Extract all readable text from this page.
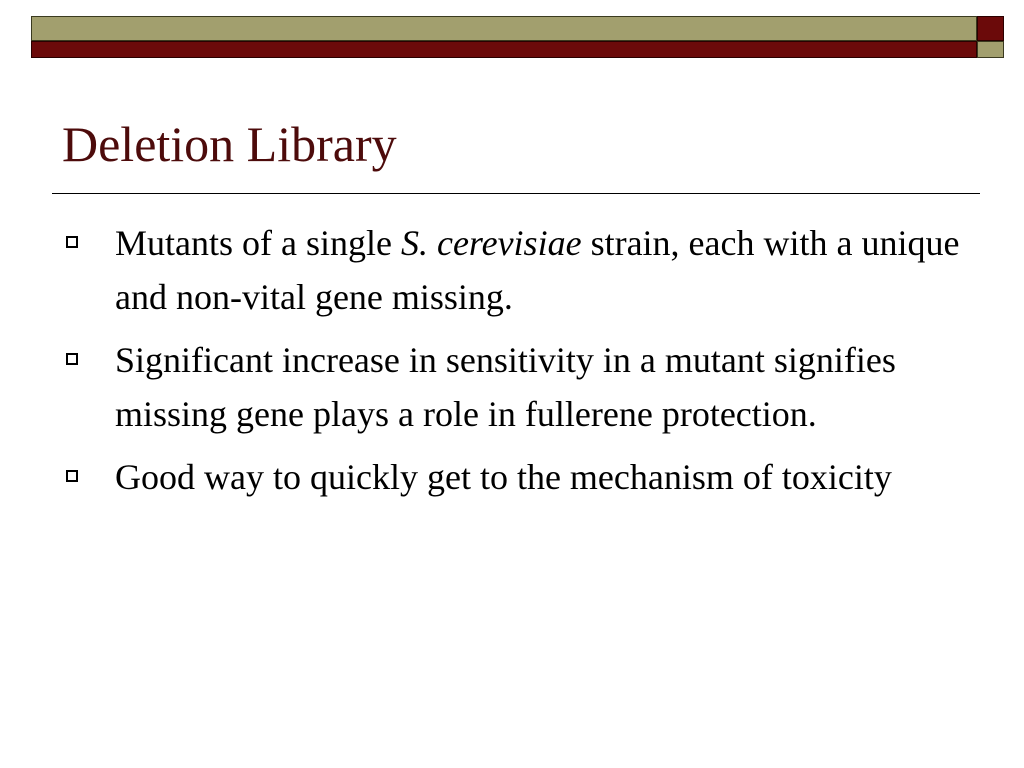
Deletion Library
Mutants of a single S. cerevisiae strain, each with a unique and non-vital gene missing.
Significant increase in sensitivity in a mutant signifies missing gene plays a role in fullerene protection.
Good way to quickly get to the mechanism of toxicity
